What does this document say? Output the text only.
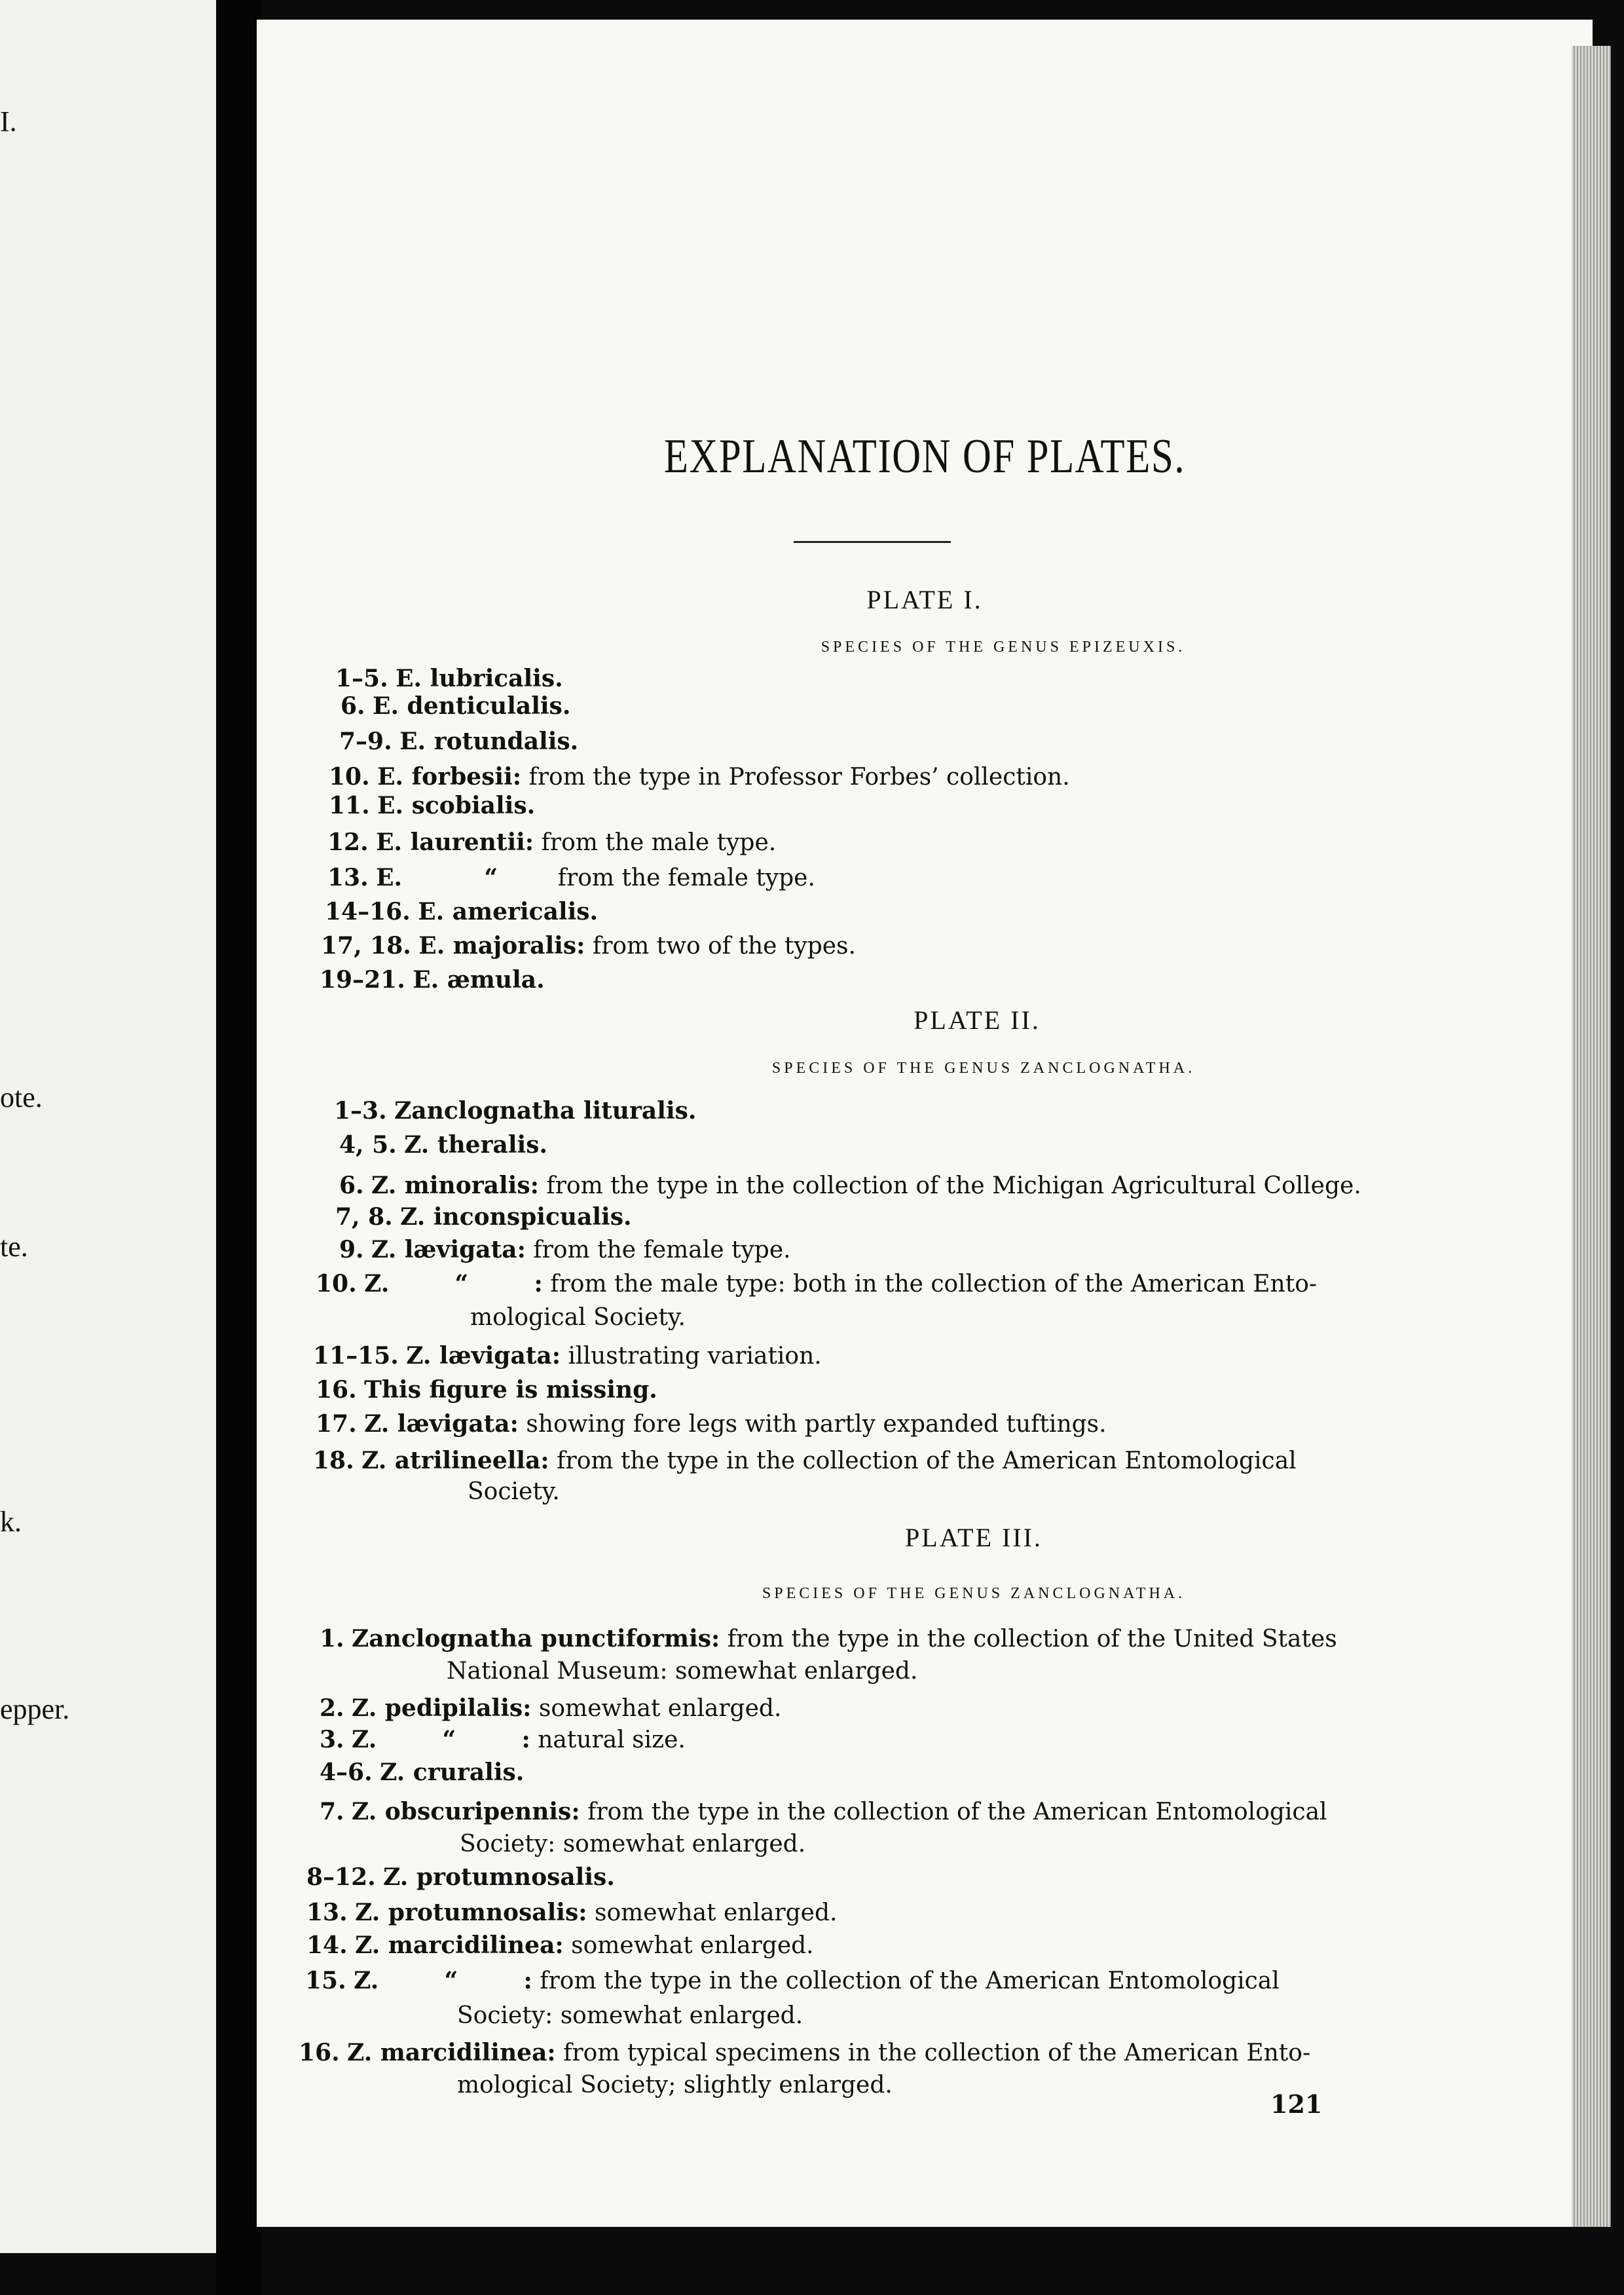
I.
ote.
te.
k.
epper.
EXPLANATION OF PLATES.
PLATE I.
SPECIES OF THE GENUS EPIZEUXIS.
1–5. E. lubricalis.
6. E. denticulalis.
7–9. E. rotundalis.
10. E. forbesii: from the type in Professor Forbes’ collection.
11. E. scobialis.
12. E. laurentii: from the male type.
13. E.          “	from the female type.
14–16. E. americalis.
17, 18. E. majoralis: from two of the types.
19–21. E. æmula.
PLATE II.
SPECIES OF THE GENUS ZANCLOGNATHA.
1–3. Zanclognatha lituralis.
4, 5. Z. theralis.
6. Z. minoralis: from the type in the collection of the Michigan Agricultural College.
7, 8. Z. inconspicualis.
9. Z. lævigata: from the female type.
10. Z.        “        : from the male type: both in the collection of the American Ento-
mological Society.
11–15. Z. lævigata: illustrating variation.
16. This figure is missing.
17. Z. lævigata: showing fore legs with partly expanded tuftings.
18. Z. atrilineella: from the type in the collection of the American Entomological
Society.
PLATE III.
SPECIES OF THE GENUS ZANCLOGNATHA.
1. Zanclognatha punctiformis: from the type in the collection of the United States
National Museum: somewhat enlarged.
2. Z. pedipilalis: somewhat enlarged.
3. Z.        “        : natural size.
4–6. Z. cruralis.
7. Z. obscuripennis: from the type in the collection of the American Entomological
Society: somewhat enlarged.
8–12. Z. protumnosalis.
13. Z. protumnosalis: somewhat enlarged.
14. Z. marcidilinea: somewhat enlarged.
15. Z.        “        : from the type in the collection of the American Entomological
Society: somewhat enlarged.
16. Z. marcidilinea: from typical specimens in the collection of the American Ento-
mological Society; slightly enlarged.
121
